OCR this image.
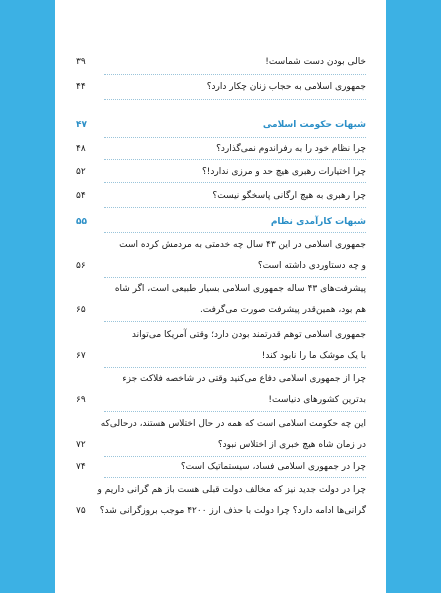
خالی بودن دست شماست!
۳۹
جمهوری اسلامی به حجاب زنان چکار دارد؟
۴۴
شبهات حکومت اسلامی
۴۷
چرا نظام خود را به رفراندوم نمی‌گذارد؟
۴۸
چرا اختیارات رهبری هیچ حد و مرزی ندارد!؟
۵۲
چرا رهبری به هیچ ارگانی پاسخگو نیست؟
۵۴
شبهات کارآمدی نظام
۵۵
جمهوری اسلامی در این ۴۳ سال چه خدمتی به مردمش کرده است
و چه دستاوردی داشته است؟
۵۶
پیشرفت‌های ۴۳ ساله جمهوری اسلامی بسیار طبیعی است، اگر شاه
هم بود، همین‌قدر پیشرفت صورت می‌گرفت.
۶۵
جمهوری اسلامی توهم قدرتمند بودن دارد؛ وقتی آمریکا می‌تواند
با یک موشک ما را نابود کند!
۶۷
چرا از جمهوری اسلامی دفاع می‌کنید وقتی در شاخصه فلاکت جزء
بدترین کشورهای دنیاست!
۶۹
این چه حکومت اسلامی است که همه در حال اختلاس هستند، درحالی‌که
در زمان شاه هیچ خبری از اختلاس نبود؟
۷۲
چرا در جمهوری اسلامی فساد، سیستماتیک است؟
۷۴
چرا در دولت جدید نیز که مخالف دولت قبلی هست باز هم گرانی داریم و
گرانی‌ها ادامه دارد؟ چرا دولت با حذف ارز ۴۲۰۰ موجب بروزگرانی شد؟
۷۵
